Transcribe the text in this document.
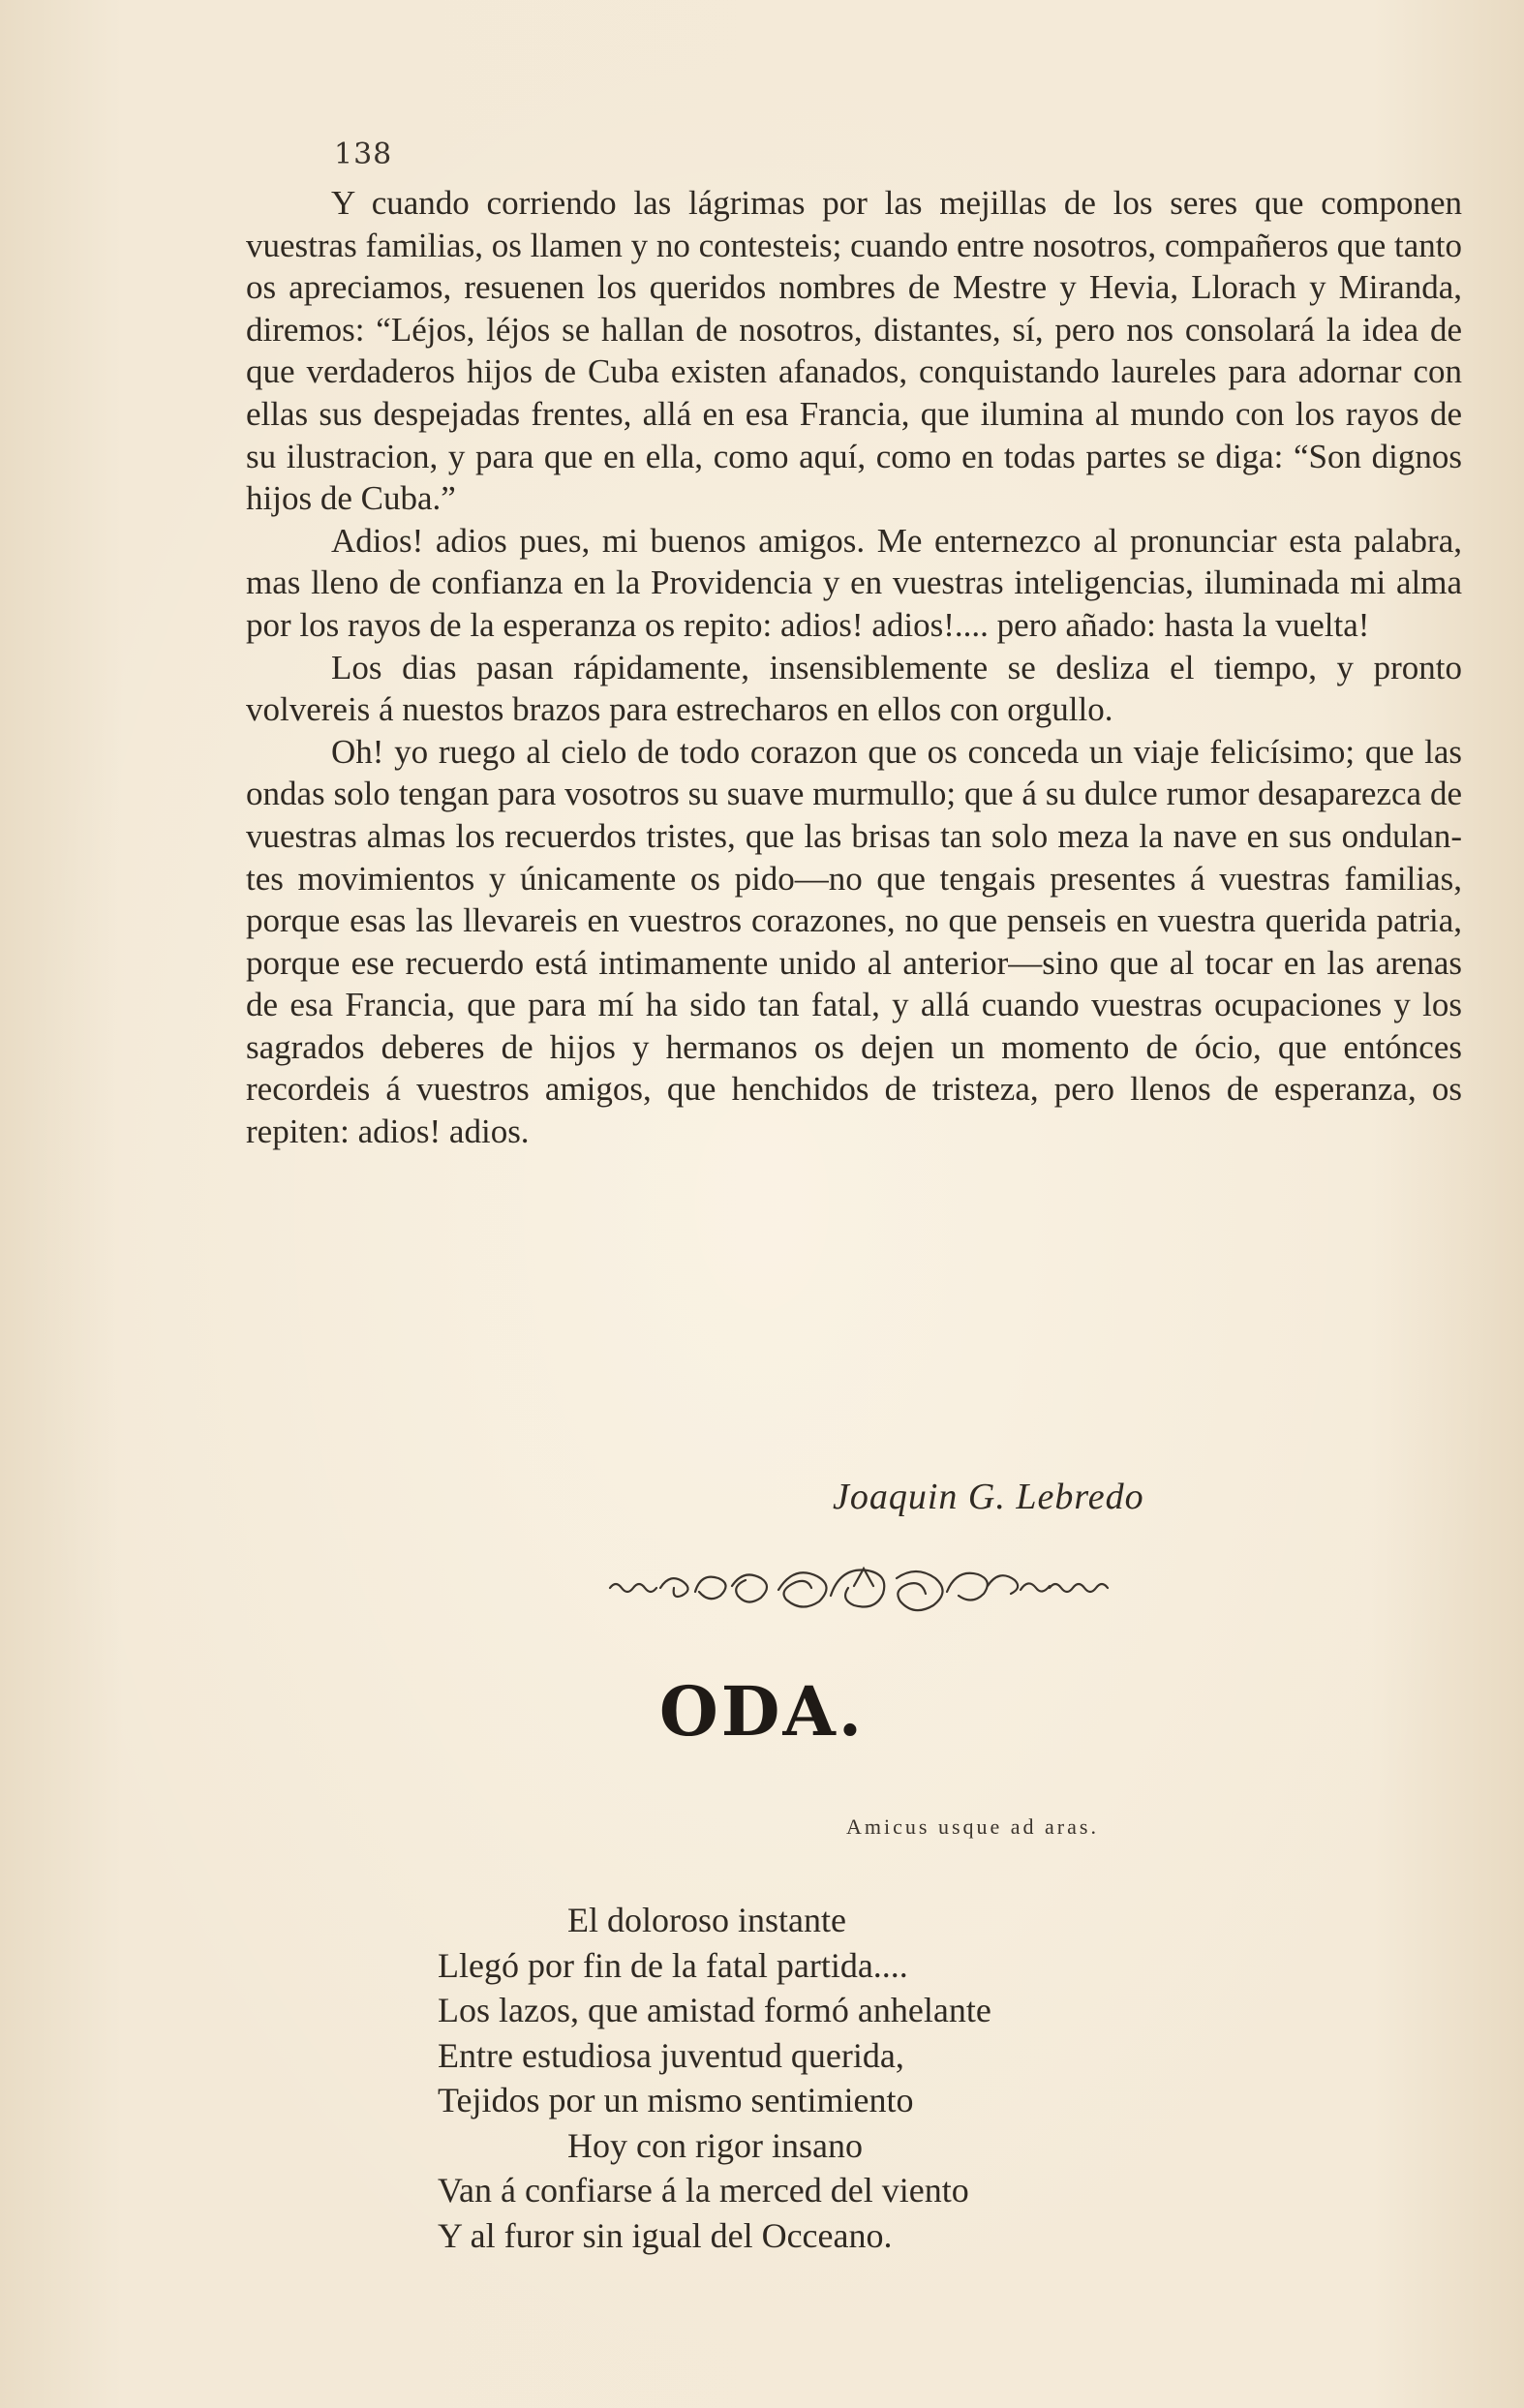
138

Y cuando corriendo las lágrimas por las mejillas de los seres que componen vuestras familias, os llamen y no contesteis; cuando entre nosotros, compañeros que tanto os apreciamos, resuenen los queridos nombres de Mestre y Hevia, Llorach y Miranda, diremos: “Léjos, léjos se hallan de nosotros, distantes, sí, pero nos consolará la idea de que verdaderos hijos de Cuba existen afanados, conquistando laureles para adornar con ellas sus despejadas frentes, allá en esa Francia, que ilumina al mundo con los rayos de su ilustracion, y para que en ella, como aquí, como en todas partes se diga: “Son dignos hijos de Cuba.”

Adios! adios pues, mi buenos amigos. Me enternezco al pronunciar esta palabra, mas lleno de confianza en la Providencia y en vuestras inteligencias, iluminada mi alma por los rayos de la esperanza os repito: adios! adios!.... pero añado: hasta la vuelta!

Los dias pasan rápidamente, insensiblemente se desliza el tiempo, y pronto volvereis á nuestos brazos para estrecharos en ellos con orgullo.

Oh! yo ruego al cielo de todo corazon que os conceda un viaje felicísimo; que las ondas solo tengan para vosotros su suave murmullo; que á su dulce rumor desaparezca de vuestras almas los recuerdos tristes, que las brisas tan solo meza la nave en sus ondulantes movimientos y únicamente os pido—no que tengais presentes á vuestras familias, porque esas las llevareis en vuestros corazones, no que penseis en vuestra querida patria, porque ese recuerdo está intimamente unido al anterior—sino que al tocar en las arenas de esa Francia, que para mí ha sido tan fatal, y allá cuando vuestras ocupaciones y los sagrados deberes de hijos y hermanos os dejen un momento de ócio, que entónces recordeis á vuestros amigos, que henchidos de tristeza, pero llenos de esperanza, os repiten: adios! adios.

Joaquin G. Lebredo
ODA.
Amicus usque ad aras.
El doloroso instante
Llegó por fin de la fatal partida....
Los lazos, que amistad formó anhelante
Entre estudiosa juventud querida,
Tejidos por un mismo sentimiento
Hoy con rigor insano
Van á confiarse á la merced del viento
Y al furor sin igual del Occeano.
